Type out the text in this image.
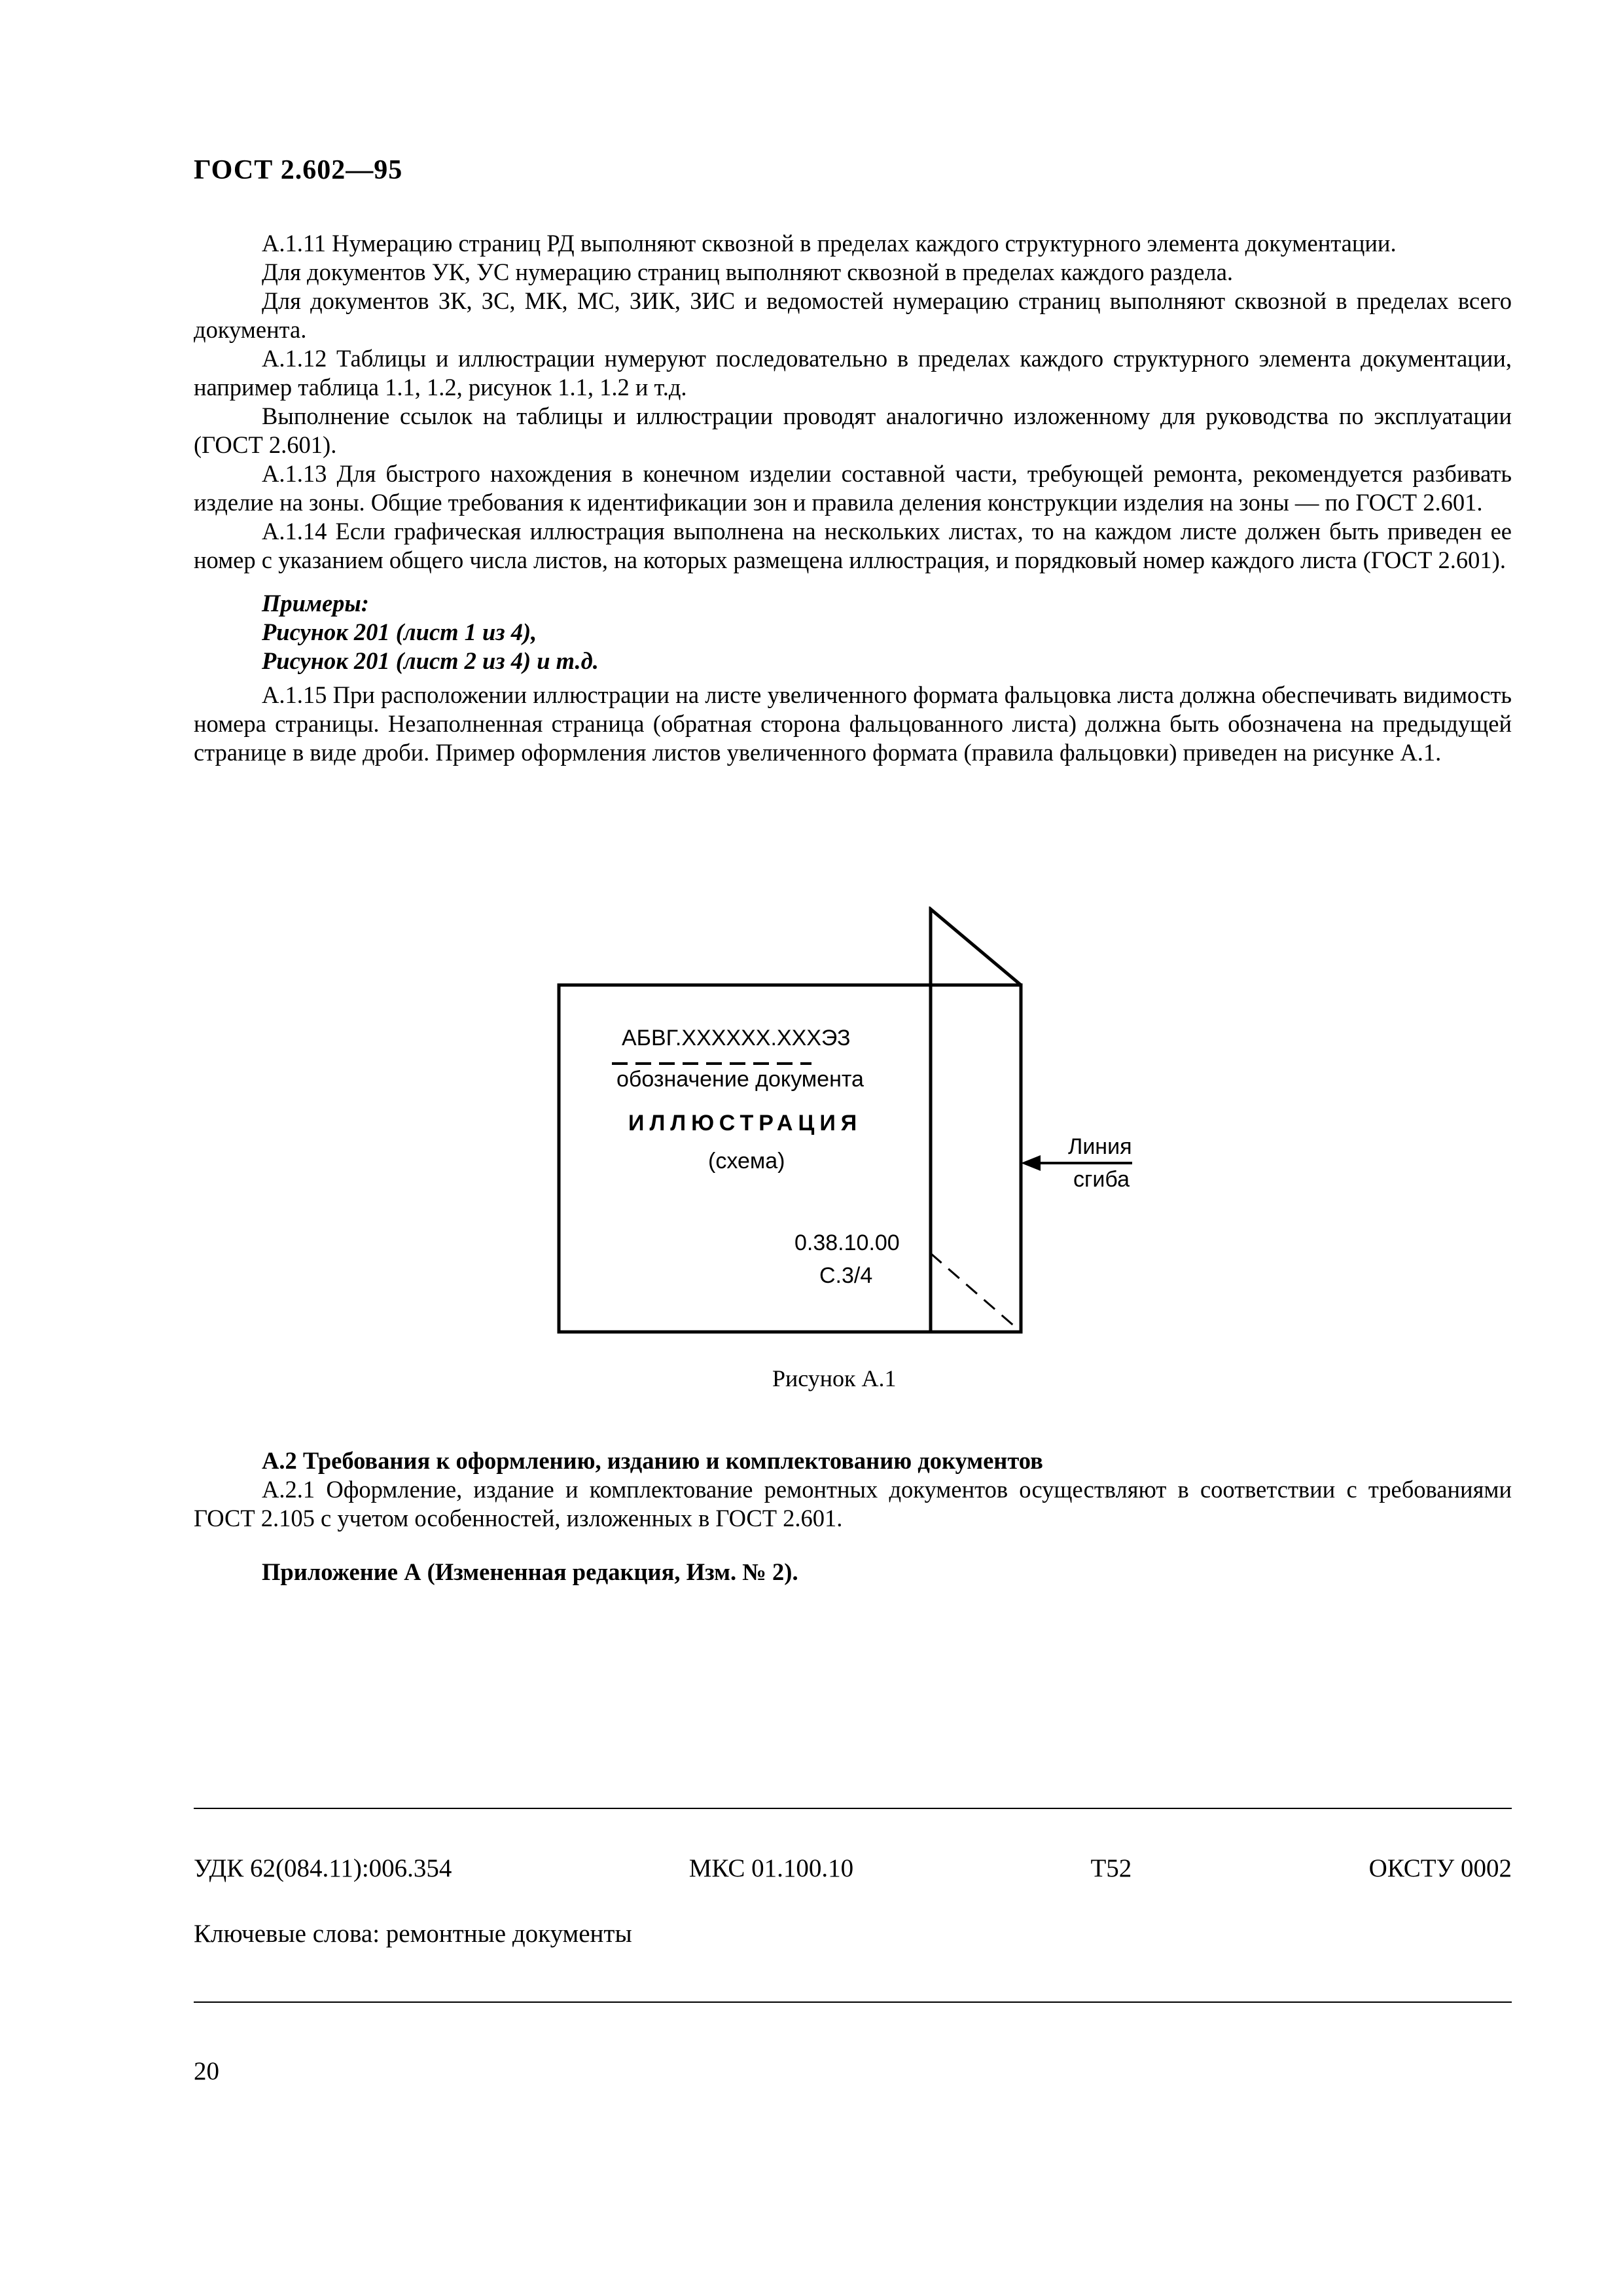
ГОСТ 2.602—95

А.1.11 Нумерацию страниц РД выполняют сквозной в пределах каждого структурного элемента документации.

Для документов УК, УС нумерацию страниц выполняют сквозной в пределах каждого раздела.

Для документов ЗК, ЗС, МК, МС, ЗИК, ЗИС и ведомостей нумерацию страниц выполняют сквозной в пределах всего документа.

А.1.12 Таблицы и иллюстрации нумеруют последовательно в пределах каждого структурного элемента документации, например таблица 1.1, 1.2, рисунок 1.1, 1.2 и т.д.

Выполнение ссылок на таблицы и иллюстрации проводят аналогично изложенному для руководства по эксплуатации (ГОСТ 2.601).

А.1.13 Для быстрого нахождения в конечном изделии составной части, требующей ремонта, рекомендуется разбивать изделие на зоны. Общие требования к идентификации зон и правила деления конструкции изделия на зоны — по ГОСТ 2.601.

А.1.14 Если графическая иллюстрация выполнена на нескольких листах, то на каждом листе должен быть приведен ее номер с указанием общего числа листов, на которых размещена иллюстрация, и порядковый номер каждого листа (ГОСТ 2.601).

Примеры:
Рисунок 201 (лист 1 из 4),
Рисунок 201 (лист 2 из 4) и т.д.

А.1.15 При расположении иллюстрации на листе увеличенного формата фальцовка листа должна обеспечивать видимость номера страницы. Незаполненная страница (обратная сторона фальцованного листа) должна быть обозначена на предыдущей странице в виде дроби. Пример оформления листов увеличенного формата (правила фальцовки) приведен на рисунке А.1.

АБВГ.XXXXXX.XXXЭЗ
обозначение документа
ИЛЛЮСТРАЦИЯ
(схема)
0.38.10.00
С.3/4
Линия
сгиба
Рисунок А.1

А.2 Требования к оформлению, изданию и комплектованию документов

А.2.1 Оформление, издание и комплектование ремонтных документов осуществляют в соответствии с требованиями ГОСТ 2.105 с учетом особенностей, изложенных в ГОСТ 2.601.

Приложение А (Измененная редакция, Изм. № 2).

УДК 62(084.11):006.354	МКС 01.100.10	Т52	ОКСТУ 0002
Ключевые слова: ремонтные документы
20
